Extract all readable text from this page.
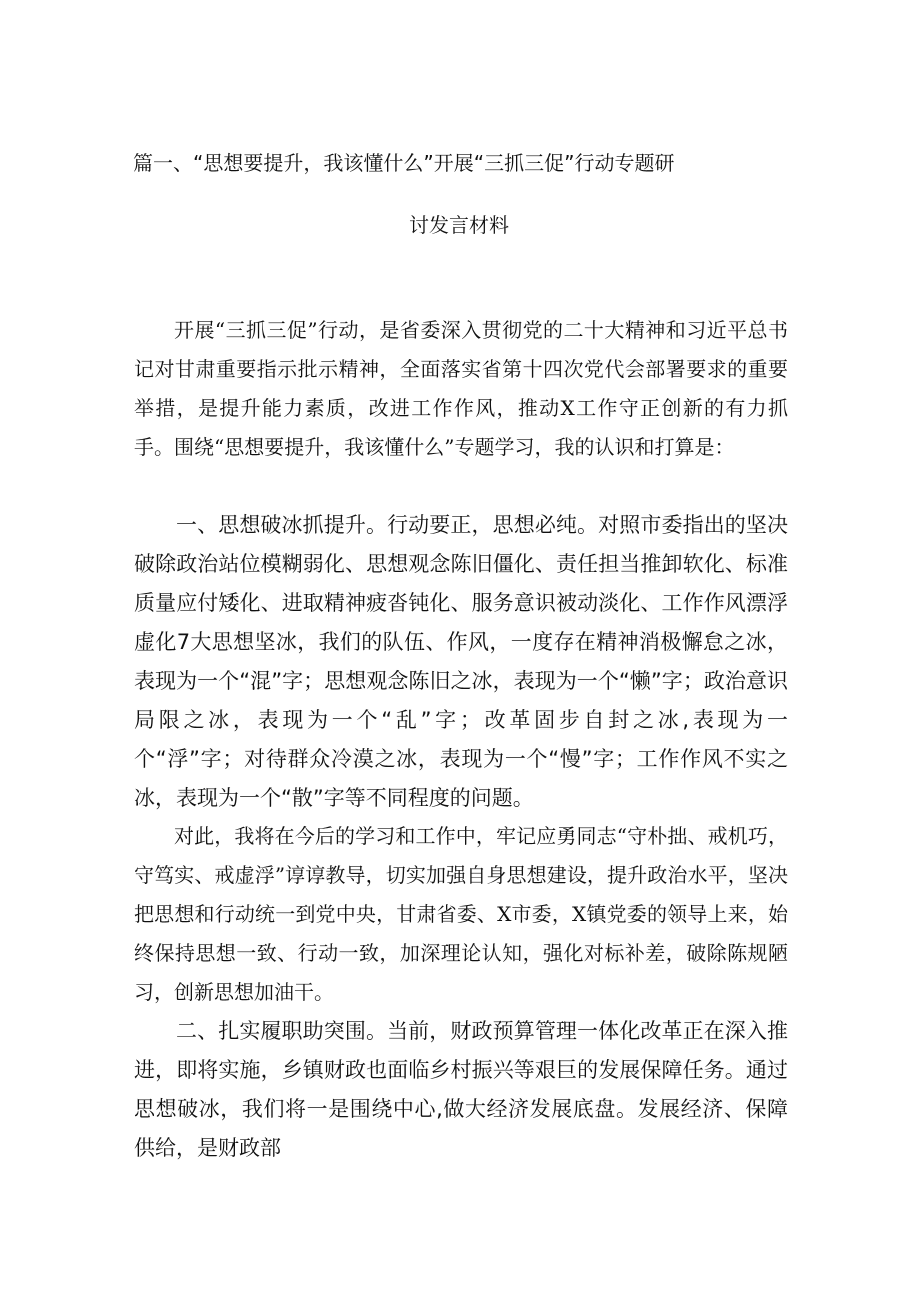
篇一、“思想要提升，我该懂什么”开展“三抓三促”行动专题研
讨发言材料

开展“三抓三促”行动，是省委深入贯彻党的二十大精神和习近平总书记对甘肃重要指示批示精神，全面落实省第十四次党代会部署要求的重要举措，是提升能力素质，改进工作作风，推动X工作守正创新的有力抓手。围绕“思想要提升，我该懂什么”专题学习，我的认识和打算是：

一、思想破冰抓提升。行动要正，思想必纯。对照市委指出的坚决破除政治站位模糊弱化、思想观念陈旧僵化、责任担当推卸软化、标准质量应付矮化、进取精神疲沓钝化、服务意识被动淡化、工作作风漂浮虚化7大思想坚冰，我们的队伍、作风，一度存在精神消极懈怠之冰，表现为一个“混”字；思想观念陈旧之冰，表现为一个“懒”字；政治意识局限之冰，表现为一个“乱”字；改革固步自封之冰,表现为一个“浮”字；对待群众冷漠之冰，表现为一个“慢”字；工作作风不实之冰，表现为一个“散”字等不同程度的问题。

对此，我将在今后的学习和工作中，牢记应勇同志“守朴拙、戒机巧，守笃实、戒虚浮”谆谆教导，切实加强自身思想建设，提升政治水平，坚决把思想和行动统一到党中央，甘肃省委、X市委，X镇党委的领导上来，始终保持思想一致、行动一致，加深理论认知，强化对标补差，破除陈规陋习，创新思想加油干。

二、扎实履职助突围。当前，财政预算管理一体化改革正在深入推进，即将实施，乡镇财政也面临乡村振兴等艰巨的发展保障任务。通过思想破冰，我们将一是围绕中心,做大经济发展底盘。发展经济、保障供给，是财政部
